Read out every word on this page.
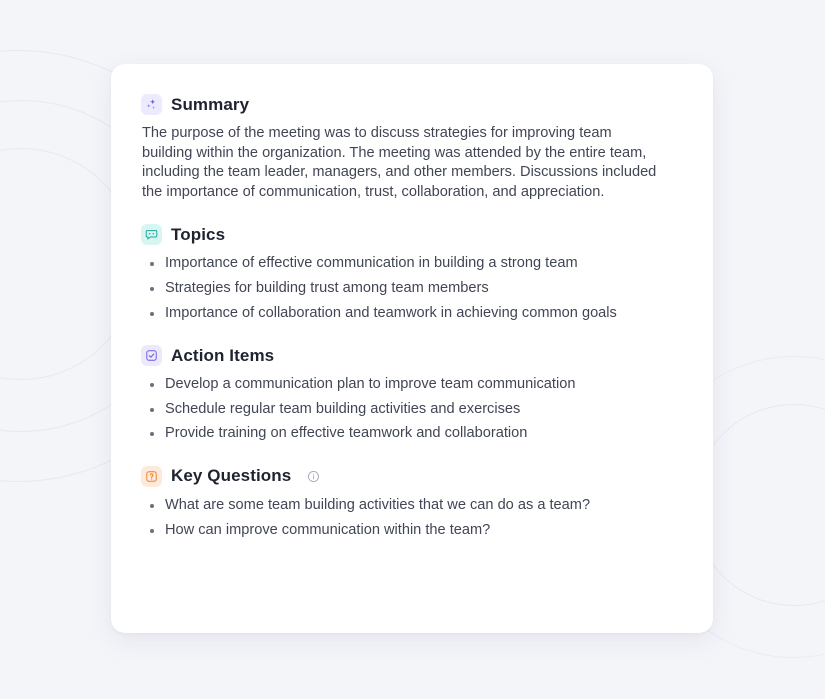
Summary

The purpose of the meeting was to discuss strategies for improving team building within the organization. The meeting was attended by the entire team, including the team leader, managers, and other members. Discussions included the importance of communication, trust, collaboration, and appreciation.

Topics
Importance of effective communication in building a strong team
Strategies for building trust among team members
Importance of collaboration and teamwork in achieving common goals
Action Items
Develop a communication plan to improve team communication
Schedule regular team building activities and exercises
Provide training on effective teamwork and collaboration
Key Questions
What are some team building activities that we can do as a team?
How can improve communication within the team?
